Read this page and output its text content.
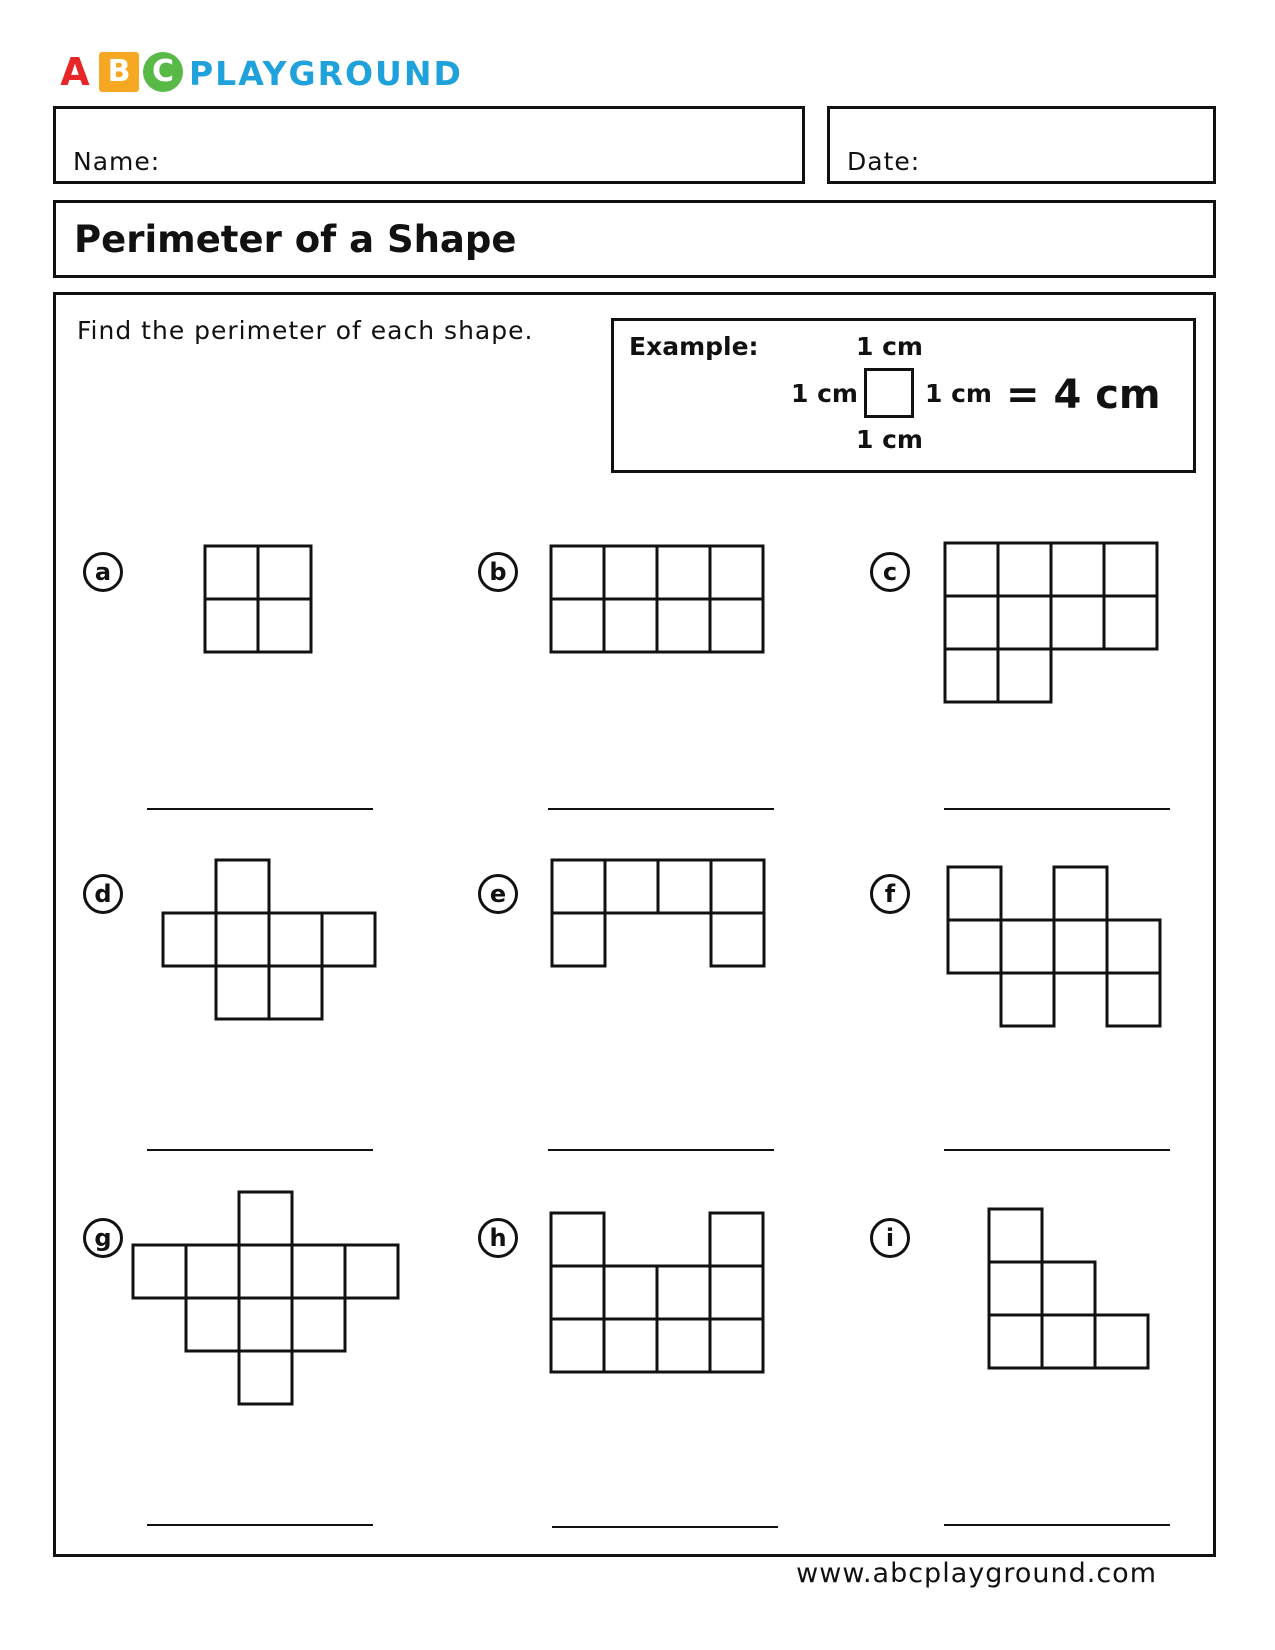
A B C PLAYGROUND
Name:	Date:
Perimeter of a Shape
Find the perimeter of each shape.
Example:	1 cm
1 cm	1 cm
1 cm
= 4 cm
a	b	c
d	e	f
g	h	i
www.abcplayground.com
